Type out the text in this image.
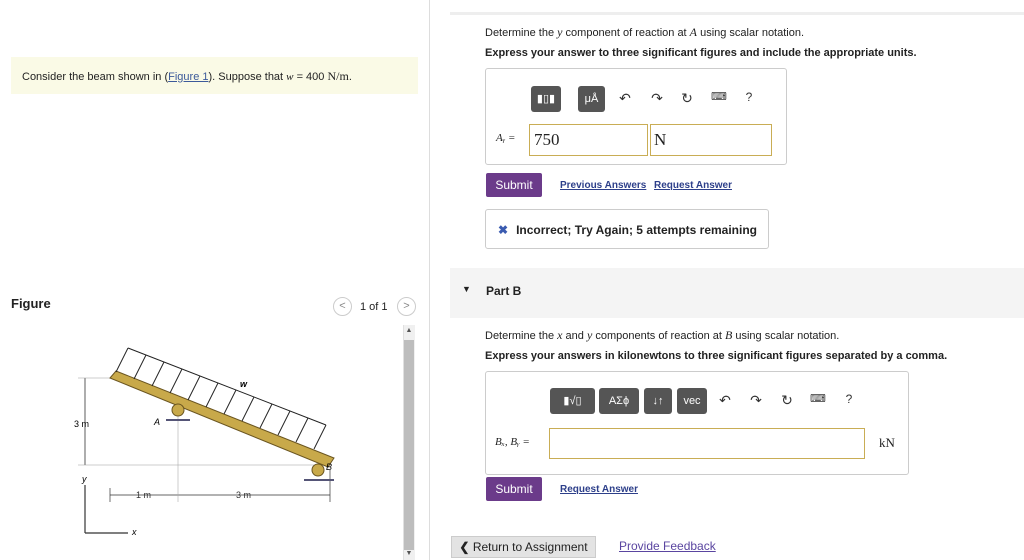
Consider the beam shown in (Figure 1). Suppose that w = 400 N/m.
Figure	<	1 of 1	>
3 m
y
x
1 m	3 m
w
A
B
▲
▼
Determine the y component of reaction at A using scalar notation.
Express your answer to three significant figures and include the appropriate units.
▮▯▮	μÅ	↶ ↷ ↻ ⌨	?
Aᵧ = 750	N
Submit	Previous Answers Request Answer
✖ Incorrect; Try Again; 5 attempts remaining
▼ Part B
Determine the x and y components of reaction at B using scalar notation.
Express your answers in kilonewtons to three significant figures separated by a comma.
▮√▯	ΑΣϕ	↓↑	vec	↶ ↷ ↻ ⌨	?
Bₓ, Bᵧ =	kN
Submit	Request Answer
❮ Return to Assignment	Provide Feedback
